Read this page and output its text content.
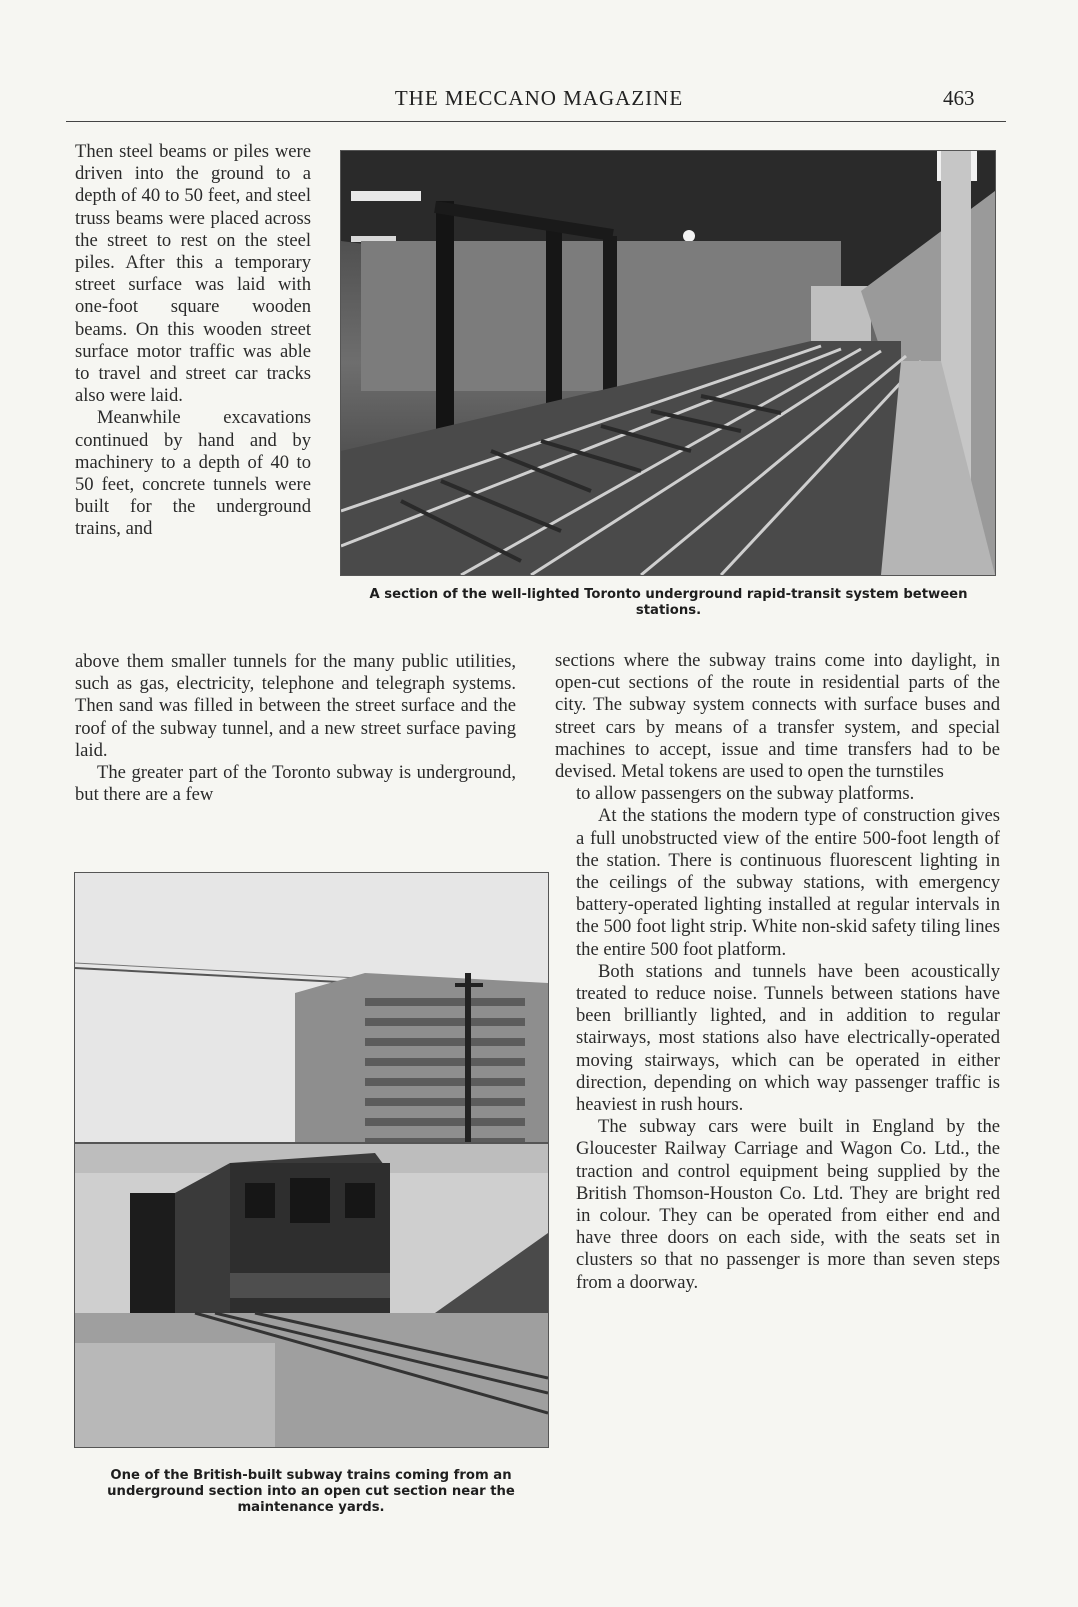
THE MECCANO MAGAZINE	463

Then steel beams or piles were driven into the ground to a depth of 40 to 50 feet, and steel truss beams were placed across the street to rest on the steel piles. After this a temporary street surface was laid with one-foot square wooden beams. On this wooden street surface motor traffic was able to travel and street car tracks also were laid.

Meanwhile excavations continued by hand and by machinery to a depth of 40 to 50 feet, concrete tunnels were built for the underground trains, and

A section of the well-lighted Toronto underground rapid-transit system between stations.

above them smaller tunnels for the many public utilities, such as gas, electricity, telephone and telegraph systems. Then sand was filled in between the street surface and the roof of the subway tunnel, and a new street surface paving laid.

The greater part of the Toronto subway is underground, but there are a few

One of the British-built subway trains coming from an underground section into an open cut section near the maintenance yards.

sections where the subway trains come into daylight, in open-cut sections of the route in residential parts of the city. The subway system connects with surface buses and street cars by means of a transfer system, and special machines to accept, issue and time transfers had to be devised. Metal tokens are used to open the turnstiles

to allow passengers on the subway platforms.

At the stations the modern type of construction gives a full unobstructed view of the entire 500-foot length of the station. There is continuous fluorescent lighting in the ceilings of the subway stations, with emergency battery-operated lighting installed at regular intervals in the 500 foot light strip. White non-skid safety tiling lines the entire 500 foot platform.

Both stations and tunnels have been acoustically treated to reduce noise. Tunnels between stations have been brilliantly lighted, and in addition to regular stairways, most stations also have electrically-operated moving stairways, which can be operated in either direction, depending on which way passenger traffic is heaviest in rush hours.

The subway cars were built in England by the Gloucester Railway Carriage and Wagon Co. Ltd., the traction and control equipment being supplied by the British Thomson-Houston Co. Ltd. They are bright red in colour. They can be operated from either end and have three doors on each side, with the seats set in clusters so that no passenger is more than seven steps from a doorway.
